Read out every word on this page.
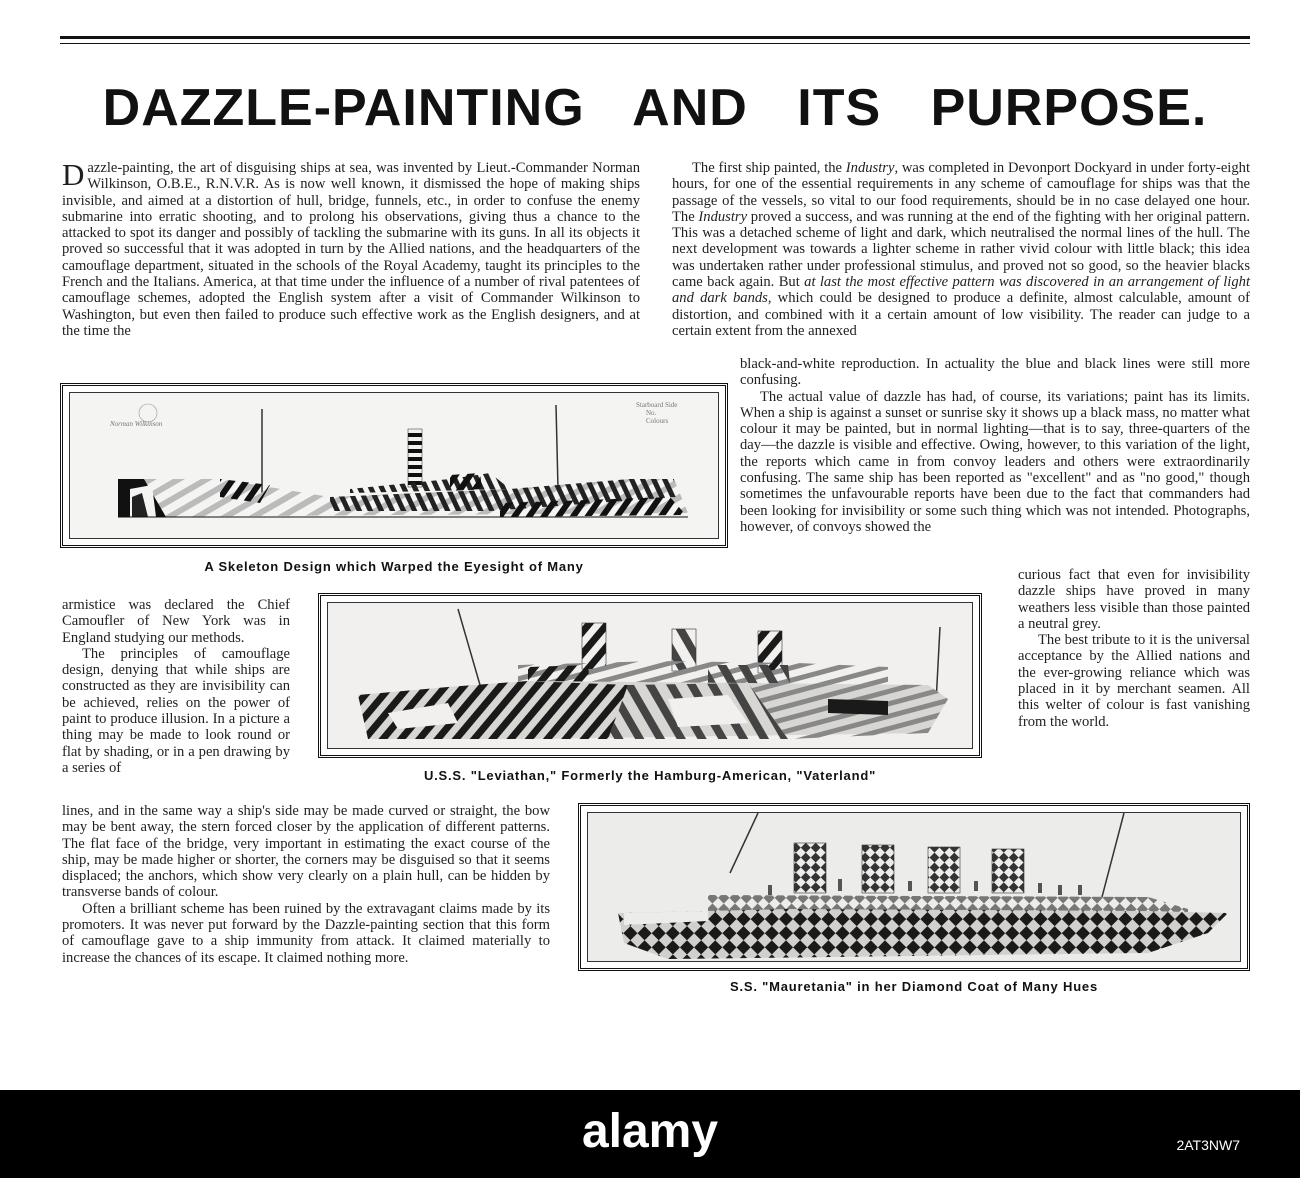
DAZZLE-PAINTING AND ITS PURPOSE.
D azzle-painting, the art of disguising ships at sea, was invented by Lieut.-Commander Norman Wilkinson, O.B.E., R.N.V.R. As is now well known, it dismissed the hope of making ships invisible, and aimed at a distortion of hull, bridge, funnels, etc., in order to confuse the enemy submarine into erratic shooting, and to prolong his observations, giving thus a chance to the attacked to spot its danger and possibly of tackling the submarine with its guns. In all its objects it proved so successful that it was adopted in turn by the Allied nations, and the headquarters of the camouflage department, situated in the schools of the Royal Academy, taught its principles to the French and the Italians. America, at that time under the influence of a number of rival patentees of camouflage schemes, adopted the English system after a visit of Commander Wilkinson to Washington, but even then failed to produce such effective work as the English designers, and at the time the

The first ship painted, the Industry, was completed in Devonport Dockyard in under forty-eight hours, for one of the essential requirements in any scheme of camouflage for ships was that the passage of the vessels, so vital to our food requirements, should be in no case delayed one hour. The Industry proved a success, and was running at the end of the fighting with her original pattern. This was a detached scheme of light and dark, which neutralised the normal lines of the hull. The next development was towards a lighter scheme in rather vivid colour with little black; this idea was undertaken rather under professional stimulus, and proved not so good, so the heavier blacks came back again. But at last the most effective pattern was discovered in an arrangement of light and dark bands, which could be designed to produce a definite, almost calculable, amount of distortion, and combined with it a certain amount of low visibility. The reader can judge to a certain extent from the annexed

black-and-white reproduction. In actuality the blue and black lines were still more confusing.

The actual value of dazzle has had, of course, its variations; paint has its limits. When a ship is against a sunset or sunrise sky it shows up a black mass, no matter what colour it may be painted, but in normal lighting—that is to say, three-quarters of the day—the dazzle is visible and effective. Owing, however, to this variation of the light, the reports which came in from convoy leaders and others were extraordinarily confusing. The same ship has been reported as "excellent" and as "no good," though sometimes the unfavourable reports have been due to the fact that commanders had been looking for invisibility or some such thing which was not intended. Photographs, however, of convoys showed the

curious fact that even for invisibility dazzle ships have proved in many weathers less visible than those painted a neutral grey.

The best tribute to it is the universal acceptance by the Allied nations and the ever-growing reliance which was placed in it by merchant seamen. All this welter of colour is fast vanishing from the world.

armistice was declared the Chief Camoufler of New York was in England studying our methods.

The principles of camouflage design, denying that while ships are constructed as they are invisibility can be achieved, relies on the power of paint to produce illusion. In a picture a thing may be made to look round or flat by shading, or in a pen drawing by a series of

lines, and in the same way a ship's side may be made curved or straight, the bow may be bent away, the stern forced closer by the application of different patterns. The flat face of the bridge, very important in estimating the exact course of the ship, may be made higher or shorter, the corners may be disguised so that it seems displaced; the anchors, which show very clearly on a plain hull, can be hidden by transverse bands of colour.

Often a brilliant scheme has been ruined by the extravagant claims made by its promoters. It was never put forward by the Dazzle-painting section that this form of camouflage gave to a ship immunity from attack. It claimed materially to increase the chances of its escape. It claimed nothing more.

Norman Wilkinson
Starboard Side
No.
Colours
A Skeleton Design which Warped the Eyesight of Many
U.S.S. "Leviathan," Formerly the Hamburg-American, "Vaterland"
S.S. "Mauretania" in her Diamond Coat of Many Hues
alamy	2AT3NW7
